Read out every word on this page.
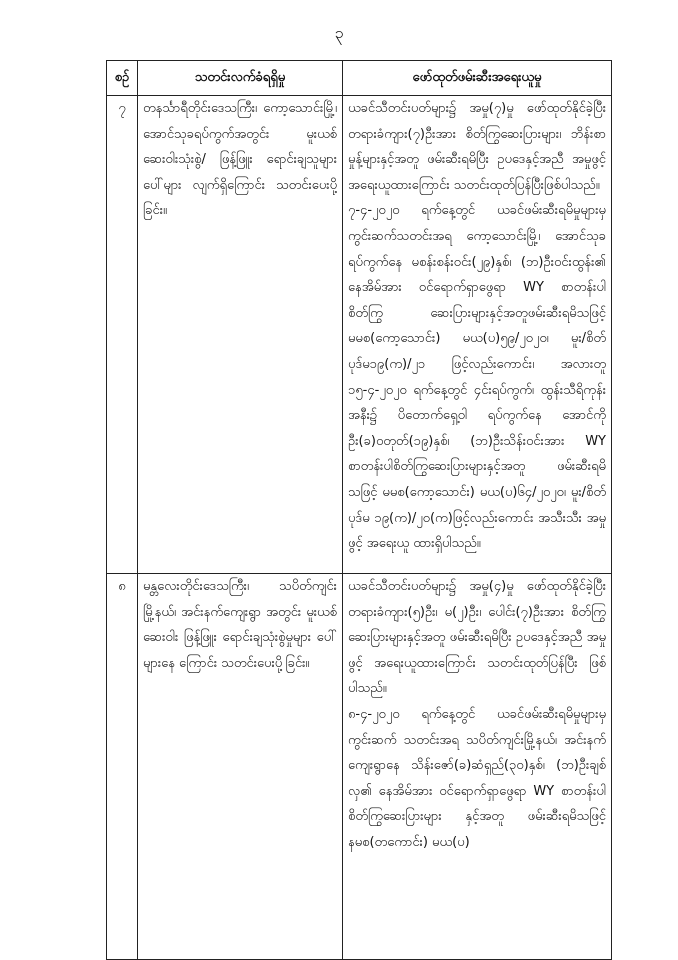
၃
စဉ်	သတင်းလက်ခံရရှိမှု	ဖော်ထုတ်ဖမ်းဆီးအရေးယူမှု
၇	တနင်္သာရီတိုင်းဒေသကြီး၊ ကော့သောင်းမြို့၊ အောင်သုခရပ်ကွက်အတွင်း မူးယစ်ဆေးဝါးသုံးစွဲ/ ဖြန့်ဖြူး ရောင်းချသူများပေါ်များ လျက်ရှိကြောင်း သတင်းပေးပို့ခြင်း။	ယခင်သီတင်းပတ်များ၌ အမှု(၇)မှု ဖော်ထုတ်နိုင်ခဲ့ပြီး တရားခံကျား(၇)ဦးအား စိတ်ကြွဆေးပြားများ၊ ဘိန်းစာ မှုန့်များနှင့်အတူ ဖမ်းဆီးရမိပြီး ဥပဒေနှင့်အညီ အမှုဖွင့် အရေးယူထားကြောင်း သတင်းထုတ်ပြန်ပြီးဖြစ်ပါသည်။
၇-၄-၂၀၂၀ ရက်နေ့တွင် ယခင်ဖမ်းဆီးရမိမှုများမှ ကွင်းဆက်သတင်းအရ ကော့သောင်းမြို့၊ အောင်သုခ ရပ်ကွက်နေ မစန်းစန်းဝင်း(၂၉)နှစ်၊ (ဘ)ဦးဝင်းထွန်း၏ နေအိမ်အား ဝင်ရောက်ရှာဖွေရာ WY စာတန်းပါ စိတ်ကြွ ဆေးပြားများနှင့်အတူဖမ်းဆီးရမိသဖြင့် မမစ(ကော့သောင်း) မယ(ပ)၅၉/၂၀၂၀၊ မူး/စိတ်ပုဒ်မ၁၉(က)/၂၁ ဖြင့်လည်းကောင်း၊ အလားတူ ၁၅-၄-၂၀၂၀ ရက်နေ့တွင် ၄င်းရပ်ကွက်၊ ထွန်းသီရိကုန်းအနီး၌ ပိတောက်ရှေ့ဝါ ရပ်ကွက်နေ အောင်ကိုဦး(ခ)ဝတုတ်(၁၉)နှစ်၊ (ဘ)ဦးသိန်းဝင်းအား WY စာတန်းပါစိတ်ကြွဆေးပြားများနှင့်အတူ ဖမ်းဆီးရမိသဖြင့် မမစ(ကော့သောင်း) မယ(ပ)၆၄/၂၀၂၀၊ မူး/စိတ်ပုဒ်မ ၁၉(က)/၂၀(က)ဖြင့်လည်းကောင်း အသီးသီး အမှုဖွင့် အရေးယူ ထားရှိပါသည်။

၈	မန္တလေးတိုင်းဒေသကြီး၊ သပိတ်ကျင်းမြို့နယ်၊ အင်းနက်ကျေးရွာ အတွင်း မူးယစ်ဆေးဝါး ဖြန့်ဖြူး ရောင်းချသုံးစွဲမှုများ ပေါ်များနေ ကြောင်း သတင်းပေးပို့ခြင်း။	ယခင်သီတင်းပတ်များ၌ အမှု(၄)မှု ဖော်ထုတ်နိုင်ခဲ့ပြီး တရားခံကျား(၅)ဦး၊ မ(၂)ဦး၊ ပေါင်း(၇)ဦးအား စိတ်ကြွ ဆေးပြားများနှင့်အတူ ဖမ်းဆီးရမိပြီး ဥပဒေနှင့်အညီ အမှုဖွင့် အရေးယူထားကြောင်း သတင်းထုတ်ပြန်ပြီး ဖြစ်ပါသည်။
၈-၄-၂၀၂၀ ရက်နေ့တွင် ယခင်ဖမ်းဆီးရမိမှုများမှ ကွင်းဆက် သတင်းအရ သပိတ်ကျင်းမြို့နယ်၊ အင်းနက်ကျေးရွာနေ သိန်းဇော်(ခ)ဆံရှည်(၃၀)နှစ်၊ (ဘ)ဦးချစ်လှ၏ နေအိမ်အား ဝင်ရောက်ရှာဖွေရာ WY စာတန်းပါ စိတ်ကြွဆေးပြားများ နှင့်အတူ ဖမ်းဆီးရမိသဖြင့် နမစ(တကောင်း) မယ(ပ)
